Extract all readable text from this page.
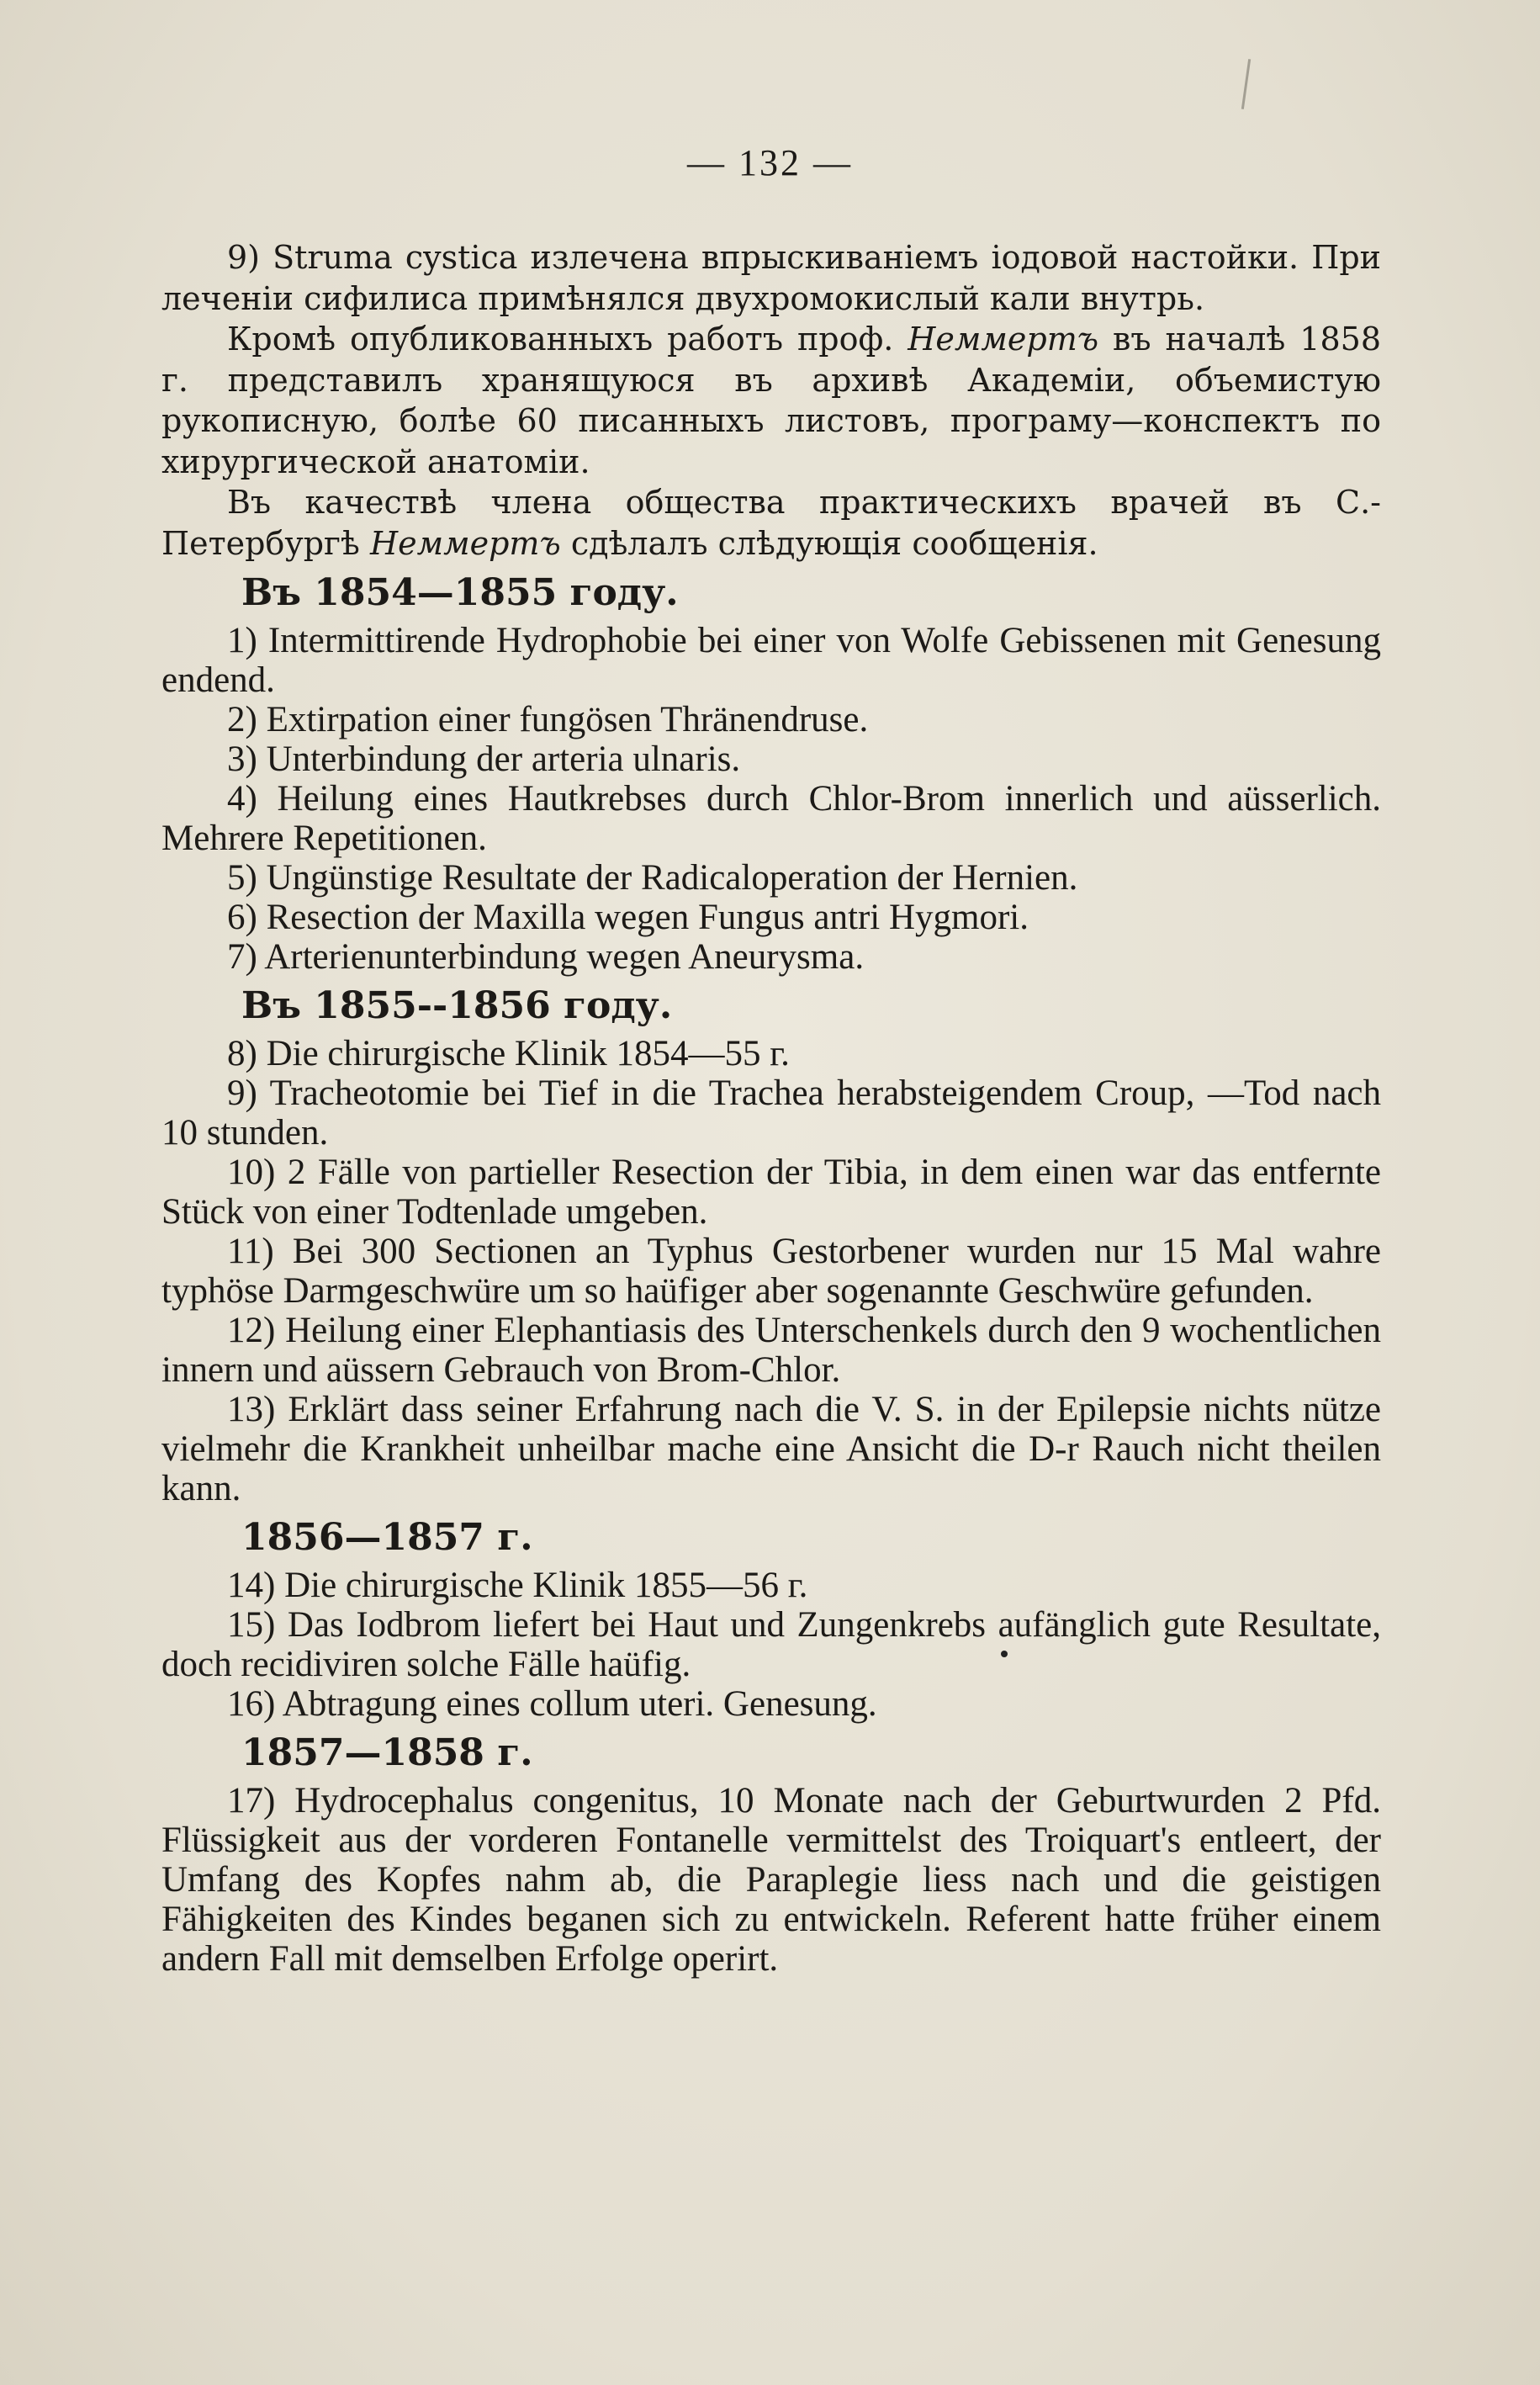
— 132 —

9) Struma cystica излечена впрыскиваніемъ іодовой настойки. При леченіи сифилиса примѣнялся двухромокислый кали внутрь.

Кромѣ опубликованныхъ работъ проф. Неммертъ въ началѣ 1858 г. представилъ хранящуюся въ архивѣ Академіи, объемистую рукописную, болѣе 60 писанныхъ листовъ, програму—конспектъ по хирургической анатоміи.

Въ качествѣ члена общества практическихъ врачей въ С.-Петербургѣ Неммертъ сдѣлалъ слѣдующія сообщенія.

Въ 1854—1855 году.

1) Intermittirende Hydrophobie bei einer von Wolfe Gebissenen mit Genesung endend.

2) Extirpation einer fungösen Thränendruse.

3) Unterbindung der arteria ulnaris.

4) Heilung eines Hautkrebses durch Chlor-Brom innerlich und aüsserlich. Mehrere Repetitionen.

5) Ungünstige Resultate der Radicaloperation der Hernien.

6) Resection der Maxilla wegen Fungus antri Hygmori.

7) Arterienunterbindung wegen Aneurysma.

Въ 1855--1856 году.

8) Die chirurgische Klinik 1854—55 г.

9) Tracheotomie bei Tief in die Trachea herabsteigendem Croup, —Tod nach 10 stunden.

10) 2 Fälle von partieller Resection der Tibia, in dem einen war das entfernte Stück von einer Todtenlade umgeben.

11) Bei 300 Sectionen an Typhus Gestorbener wurden nur 15 Mal wahre typhöse Darmgeschwüre um so haüfiger aber sogenannte Geschwüre gefunden.

12) Heilung einer Elephantiasis des Unterschenkels durch den 9 wochentlichen innern und aüssern Gebrauch von Brom-Chlor.

13) Erklärt dass seiner Erfahrung nach die V. S. in der Epilepsie nichts nütze vielmehr die Krankheit unheilbar mache eine Ansicht die D-r Rauch nicht theilen kann.

1856—1857 г.

14) Die chirurgische Klinik 1855—56 г.

15) Das Iodbrom liefert bei Haut und Zungenkrebs aufänglich gute Resultate, doch recidiviren solche Fälle haüfig.

16) Abtragung eines collum uteri. Genesung.

1857—1858 г.

17) Hydrocephalus congenitus, 10 Monate nach der Geburtwurden 2 Pfd. Flüssigkeit aus der vorderen Fontanelle vermittelst des Troiquart's entleert, der Umfang des Kopfes nahm ab, die Paraplegie liess nach und die geistigen Fähigkeiten des Kindes beganen sich zu entwickeln. Referent hatte früher einem andern Fall mit demselben Erfolge operirt.
